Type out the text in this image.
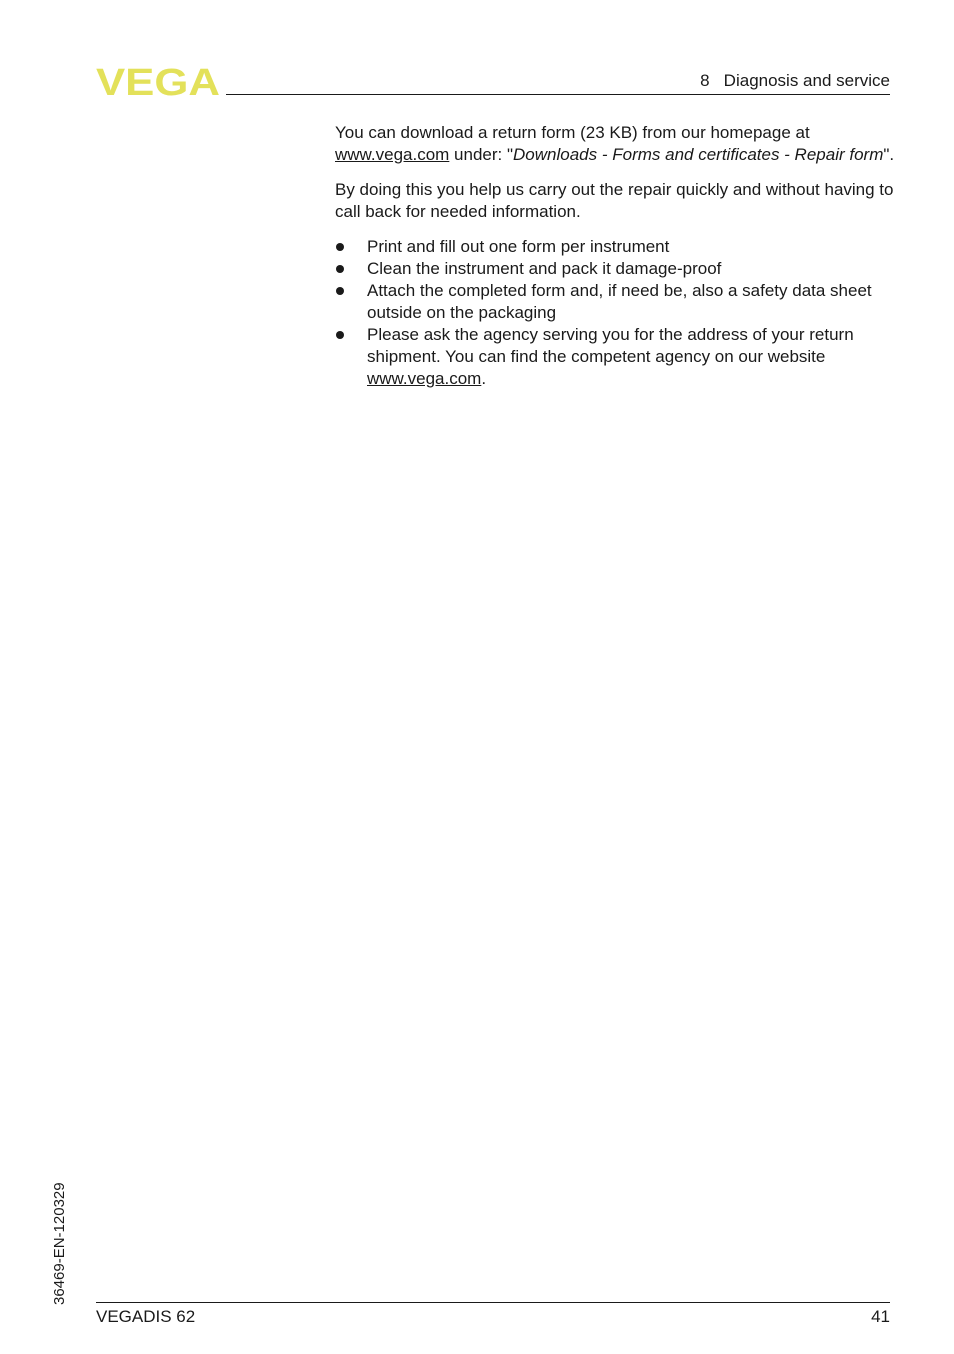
VEGA	8   Diagnosis and service

You can download a return form (23 KB) from our homepage at www.vega.com under: "Downloads - Forms and certificates - Repair form".

By doing this you help us carry out the repair quickly and without having to call back for needed information.

Print and fill out one form per instrument
Clean the instrument and pack it damage-proof
Attach the completed form and, if need be, also a safety data sheet outside on the packaging
Please ask the agency serving you for the address of your return shipment. You can find the competent agency on our website www.vega.com.
36469-EN-120329
VEGADIS 62	41
